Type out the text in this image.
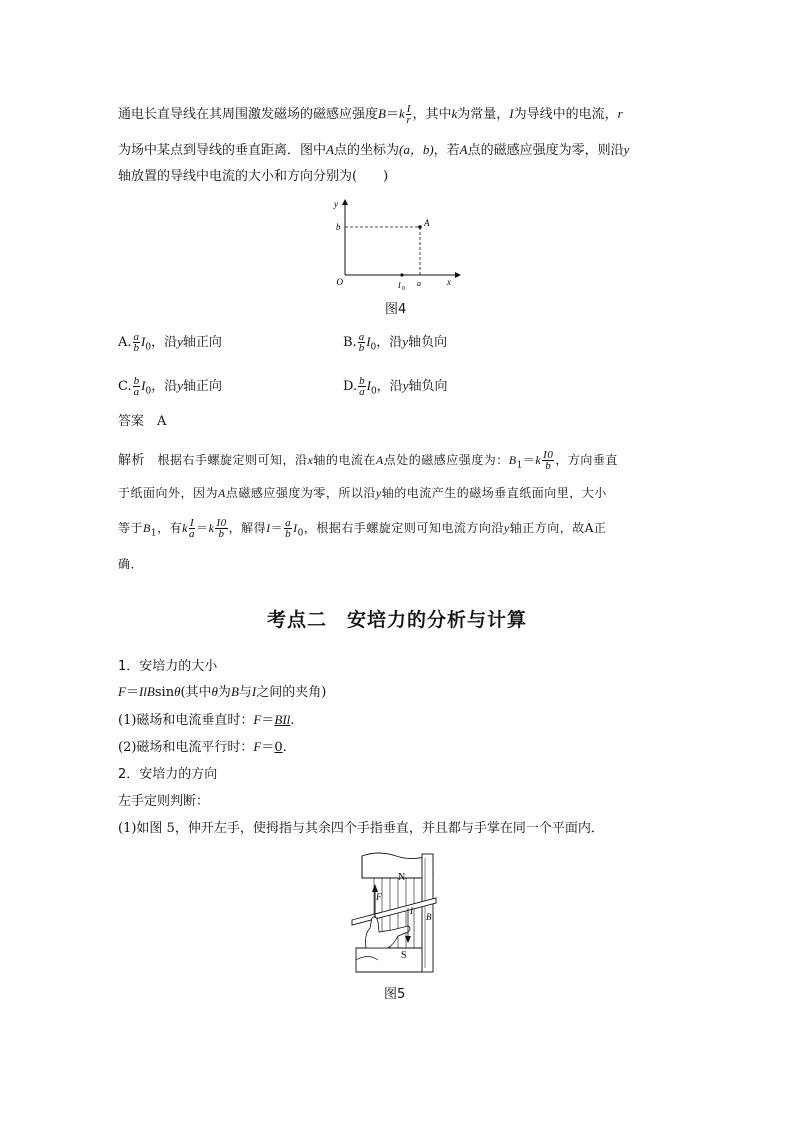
通电长直导线在其周围激发磁场的磁感应强度$B=k \frac{I}{r}$ ，其中k为常量，I为导线中的电流，r
为场中某点到导线的垂直距离．图中A点的坐标为(a，b)，若A点的磁感应强度为零，则沿y
轴放置的导线中电流的大小和方向分别为(　　)
y
x
O
b
a
A
I 0
图4
A. $\frac{a}{b} I_0$，沿y轴正向	B. $\frac{a}{b} I_0$，沿y轴负向
C. $\frac{b}{a} I_0$，沿y轴正向	D. $\frac{b}{a} I_0$，沿y轴负向
答案　 A
解析　 根据右手螺旋定则可知，沿x轴的电流在A点处的磁感应强度为：$B_1=k \frac{I0}{b}$ ，方向垂直
于纸面向外，因为A点磁感应强度为零，所以沿y轴的电流产生的磁场垂直纸面向里，大小
等于$B_1$，有k $\frac{I}{a} =k \frac{I0}{b}$ ，解得$I= \frac{a}{b} I_0$，根据右手螺旋定则可知电流方向沿y轴正方向，故A正
确．
考点二　安培力的分析与计算
1．安培力的大小
F＝IlBsinθ(其中θ为B与I之间的夹角)
(1)磁场和电流垂直时：F＝BIl.
(2)磁场和电流平行时：F＝0.
2．安培力的方向
左手定则判断：
(1)如图 5，伸开左手，使拇指与其余四个手指垂直，并且都与手掌在同一个平面内．
N
S
F
I
B
图5
